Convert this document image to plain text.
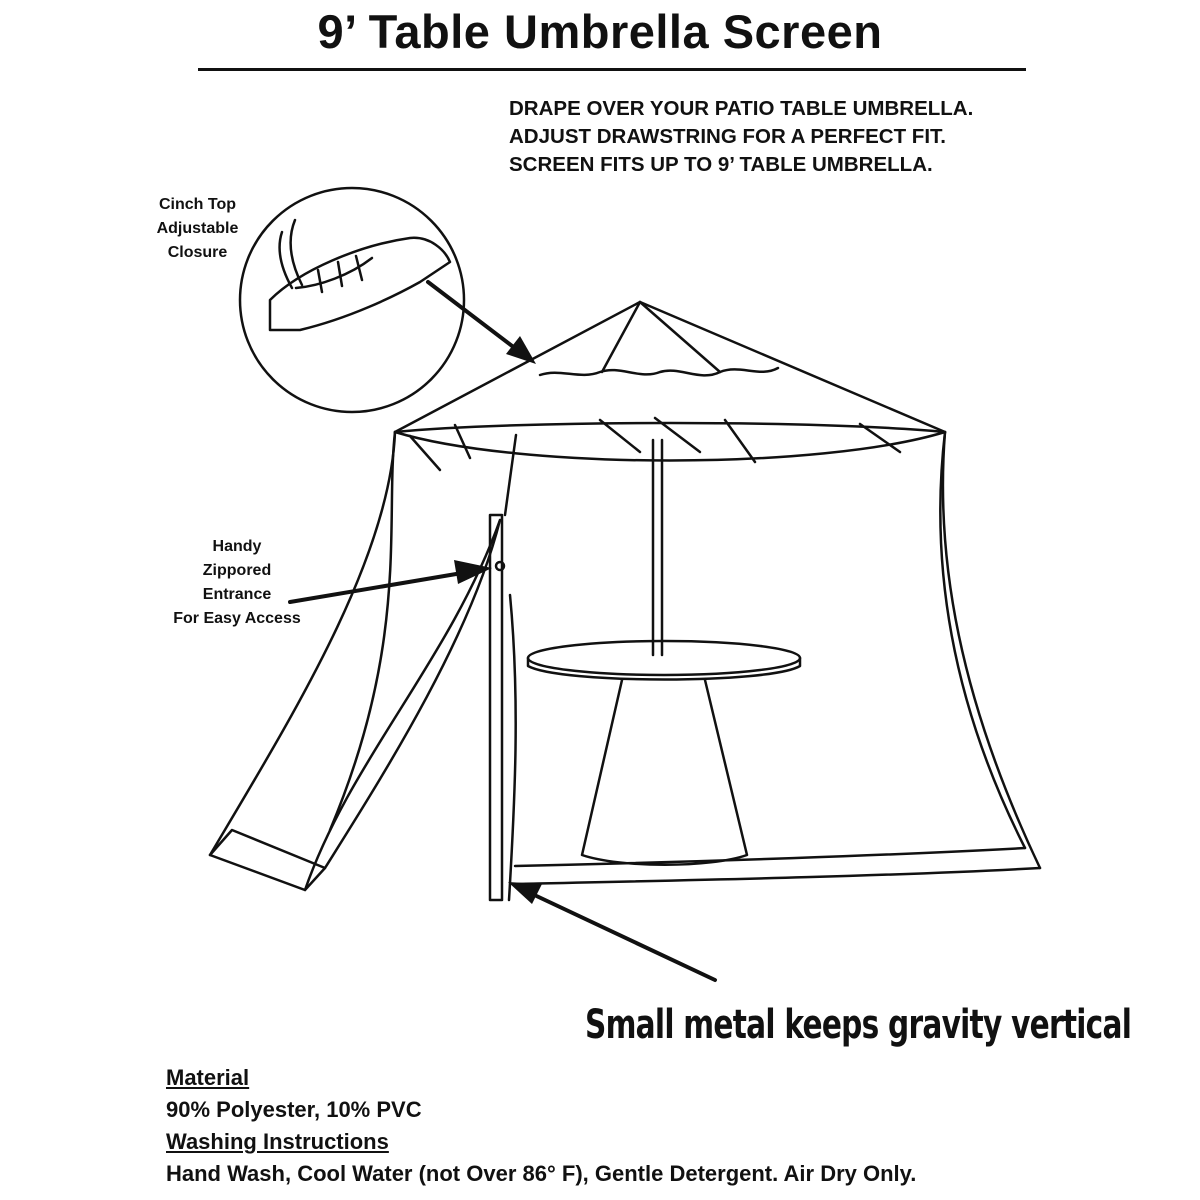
9’ Table Umbrella Screen
DRAPE OVER YOUR PATIO TABLE UMBRELLA.
ADJUST DRAWSTRING FOR A PERFECT FIT.
SCREEN FITS UP TO 9’ TABLE UMBRELLA.
Cinch Top
Adjustable
Closure
Handy
Zippored
Entrance
For Easy Access
Small metal keeps gravity vertical
Material
90% Polyester, 10% PVC
Washing Instructions
Hand Wash, Cool Water (not Over 86° F), Gentle Detergent. Air Dry Only.
